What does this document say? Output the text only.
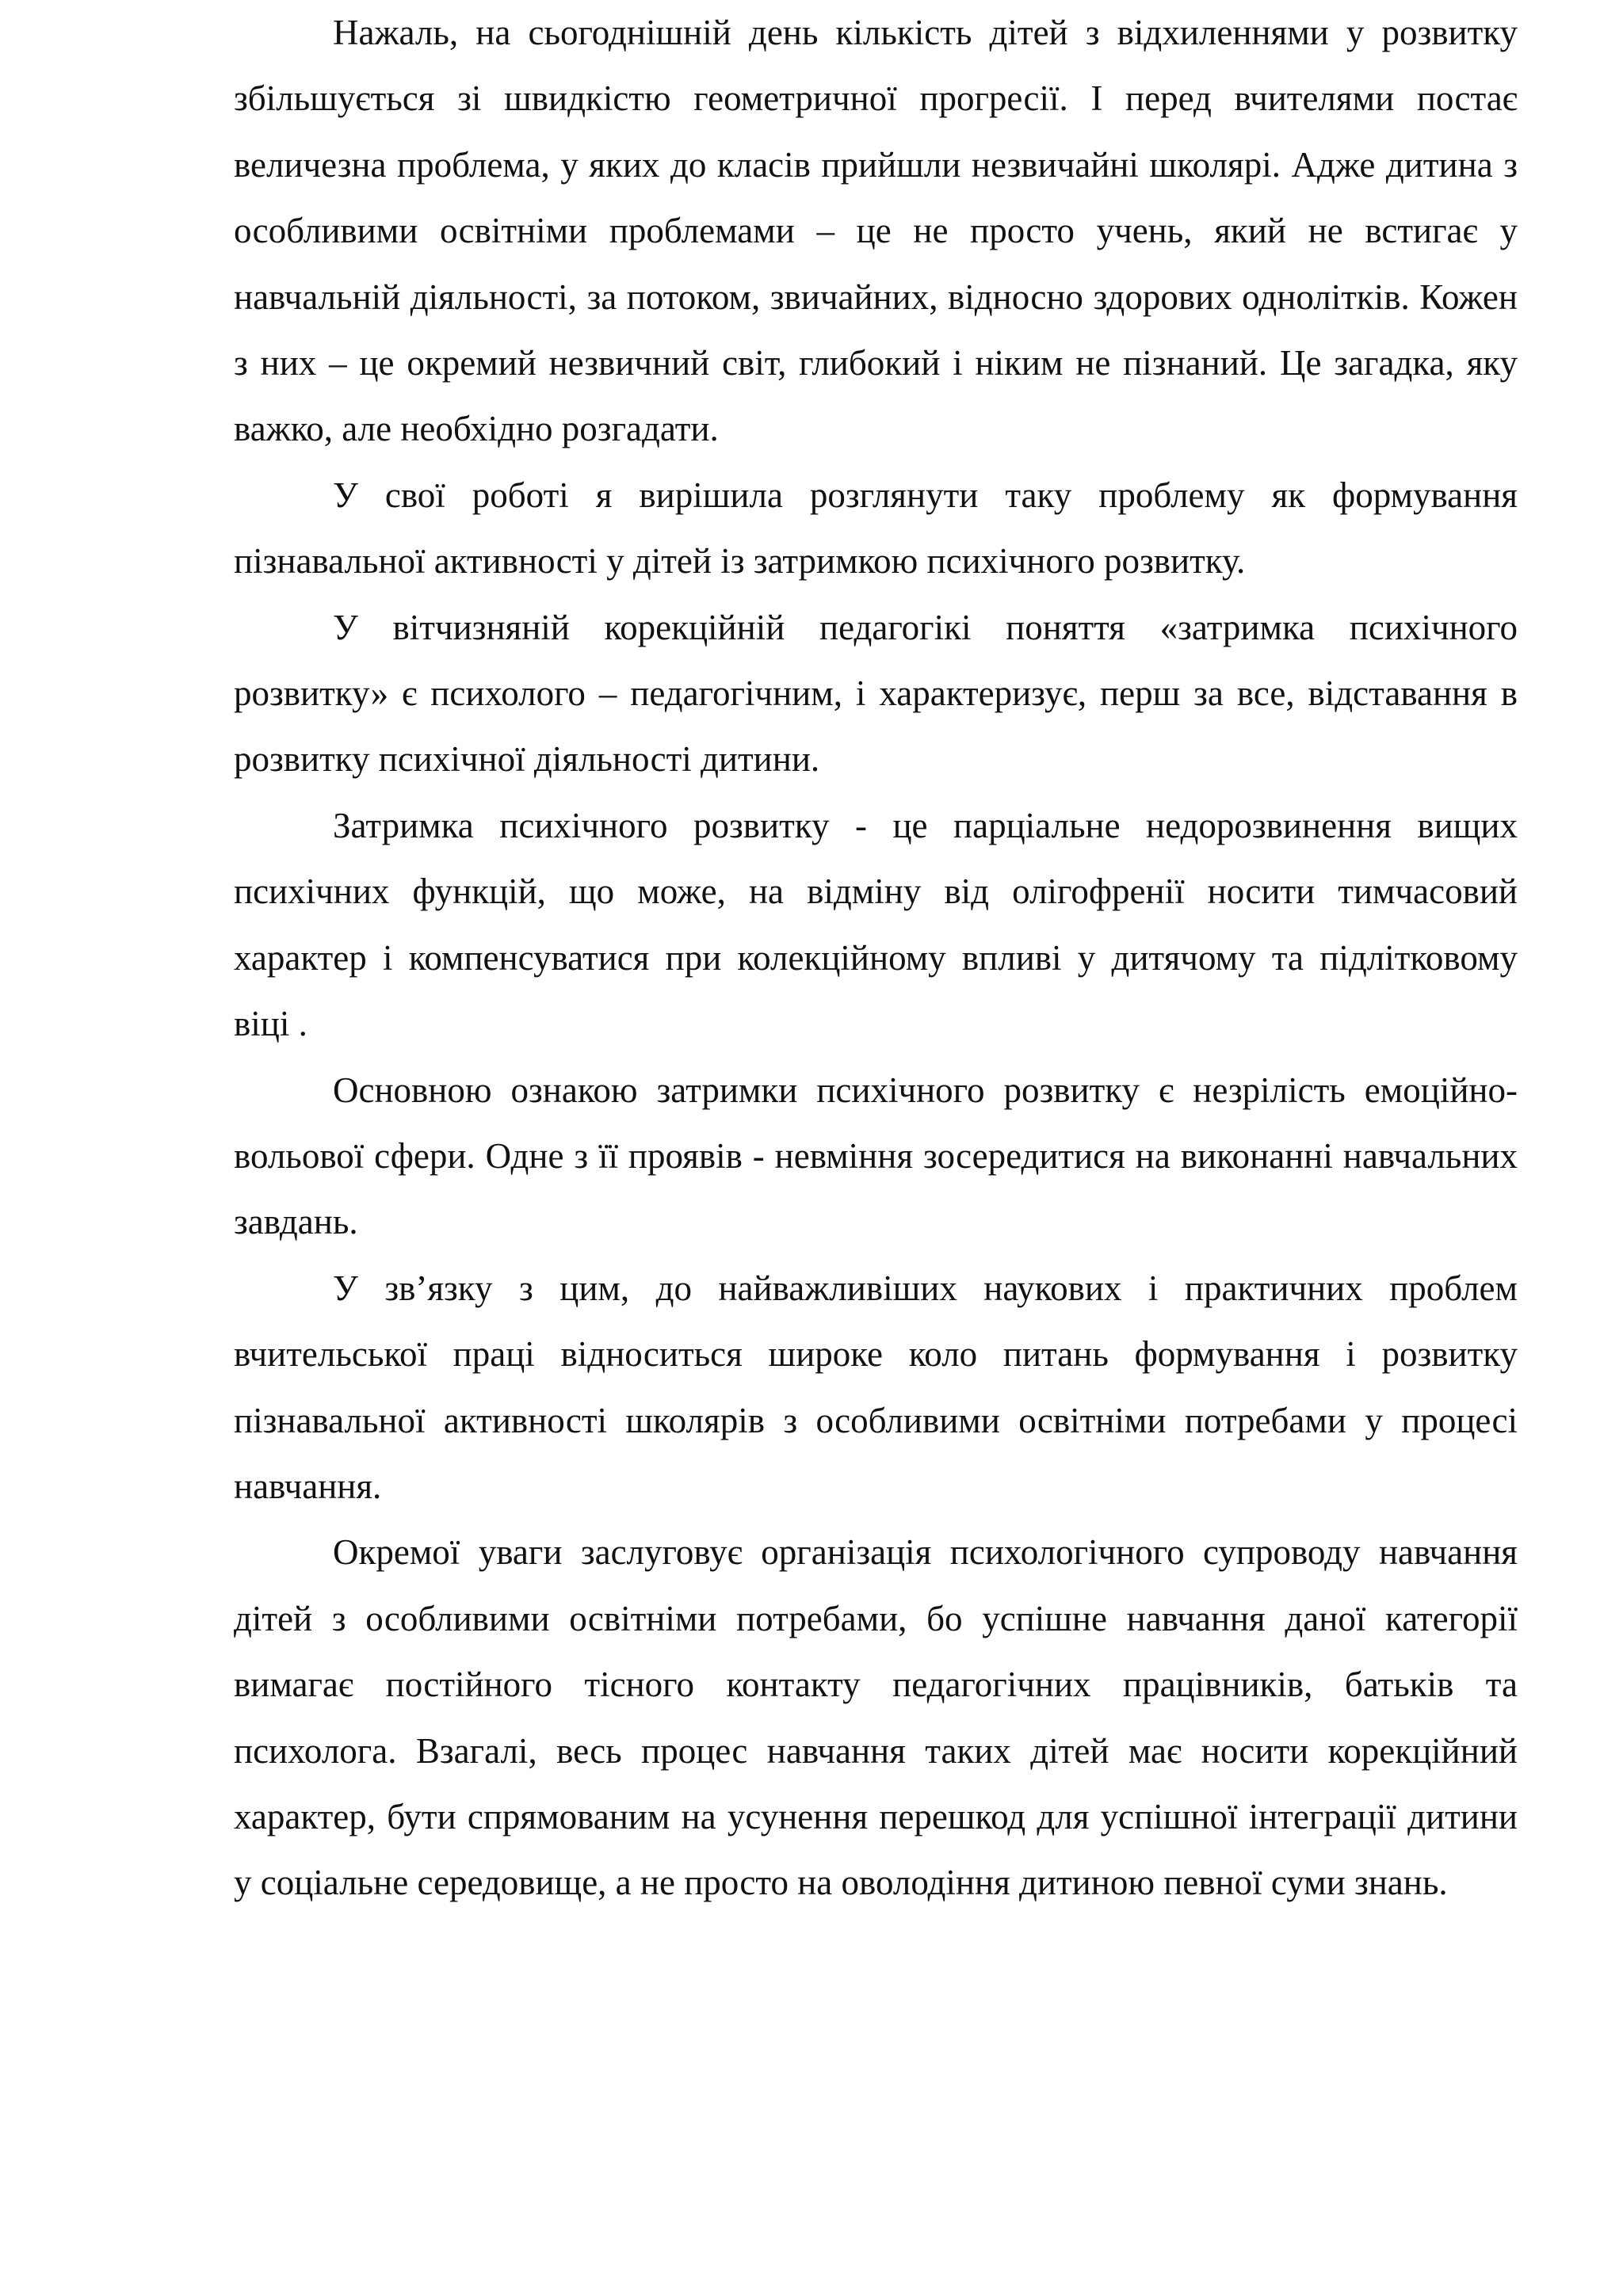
Нажаль, на сьогоднішній день кількість дітей з відхиленнями у розвитку збільшується зі швидкістю геометричної прогресії. І перед вчителями постає величезна проблема, у яких до класів прийшли незвичайні школярі. Адже дитина з особливими освітніми проблемами – це не просто учень, який не встигає у навчальній діяльності, за потоком, звичайних, відносно здорових однолітків. Кожен з них – це окремий незвичний світ, глибокий і ніким не пізнаний. Це загадка, яку важко, але необхідно розгадати.

У свої роботі я вирішила розглянути таку проблему як формування пізнавальної активності у дітей із затримкою психічного розвитку.

У вітчизняній корекційній педагогікі поняття «затримка психічного розвитку» є психолого – педагогічним, і характеризує, перш за все, відставання в розвитку психічної діяльності дитини.

Затримка психічного розвитку - це парціальне недорозвинення вищих психічних функцій, що може, на відміну від олігофренії носити тимчасовий характер і компенсуватися при колекційному впливі у дитячому та підлітковому віці .

Основною ознакою затримки психічного розвитку є незрілість емоційно-вольової сфери. Одне з її проявів - невміння зосередитися на виконанні навчальних завдань.

У зв’язку з цим, до найважливіших наукових і практичних проблем вчительської праці відноситься широке коло питань формування і розвитку пізнавальної активності школярів з особливими освітніми потребами у процесі навчання.

Окремої уваги заслуговує організація психологічного супроводу навчання дітей з особливими освітніми потребами, бо успішне навчання даної категорії вимагає постійного тісного контакту педагогічних працівників, батьків та психолога. Взагалі, весь процес навчання таких дітей має носити корекційний характер, бути спрямованим на усунення перешкод для успішної інтеграції дитини у соціальне середовище, а не просто на оволодіння дитиною певної суми знань.
